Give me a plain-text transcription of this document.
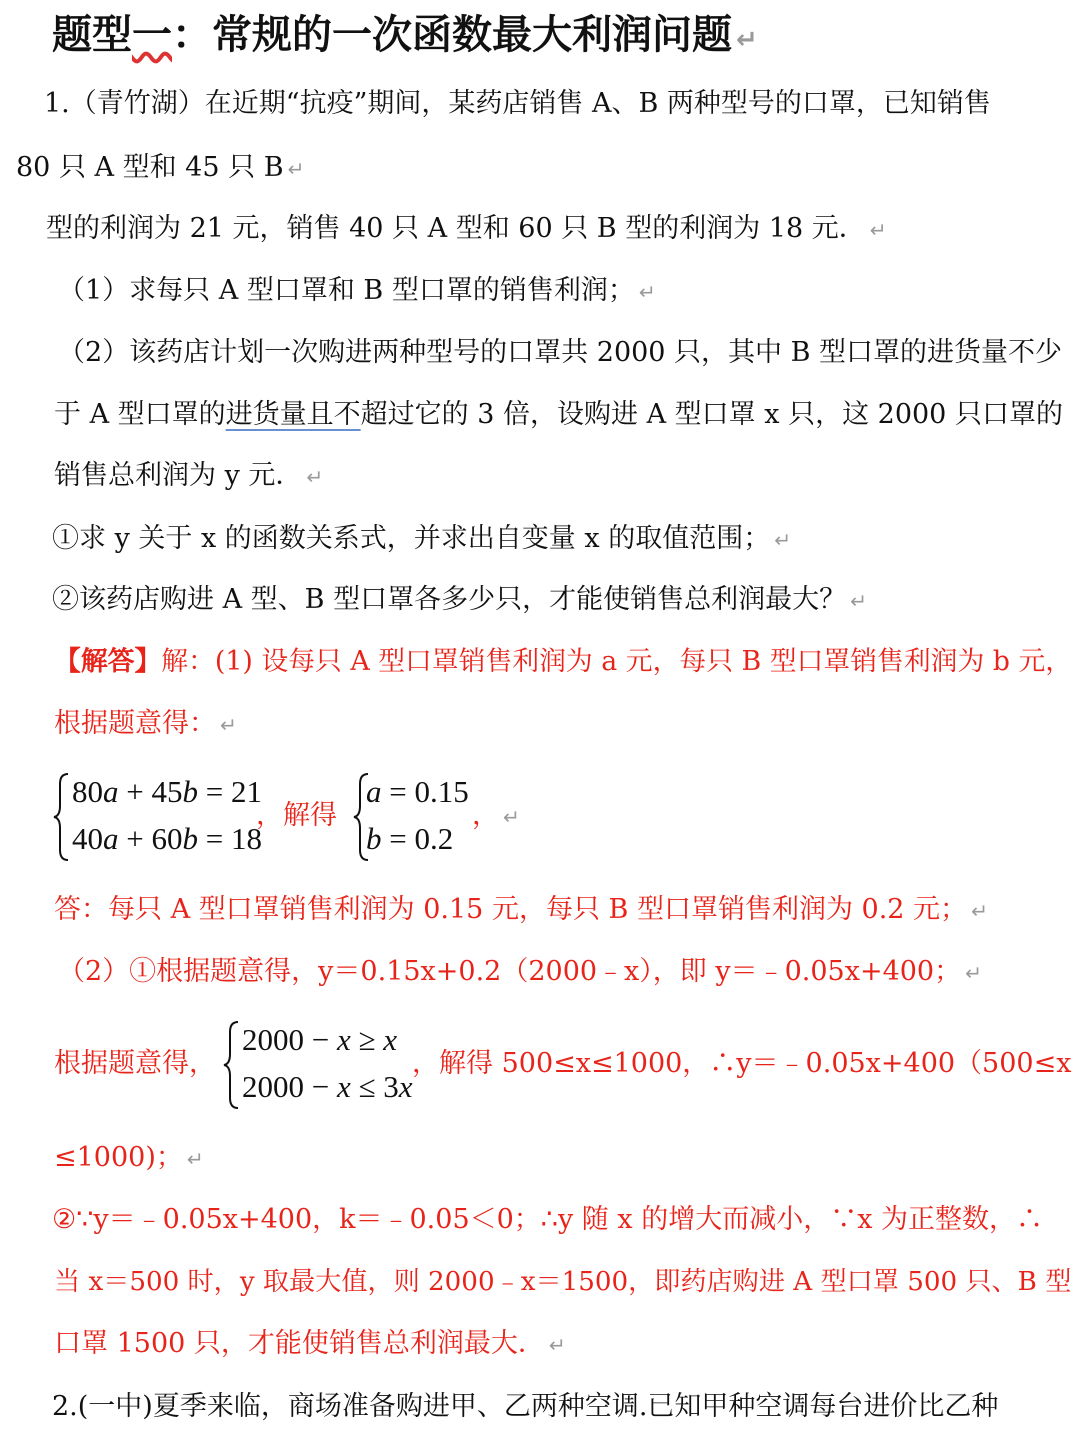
题型一：常规的一次函数最大利润问题 ↵
1.（青竹湖）在近期“抗疫”期间，某药店销售 A、B 两种型号的口罩，已知销售
80 只 A 型和 45 只 B ↵
型的利润为 21 元，销售 40 只 A 型和 60 只 B 型的利润为 18 元． ↵
（1）求每只 A 型口罩和 B 型口罩的销售利润； ↵
（2）该药店计划一次购进两种型号的口罩共 2000 只，其中 B 型口罩的进货量不少
于 A 型口罩的进货量且不超过它的 3 倍，设购进 A 型口罩 x 只，这 2000 只口罩的
销售总利润为 y 元． ↵
①求 y 关于 x 的函数关系式，并求出自变量 x 的取值范围； ↵
②该药店购进 A 型、B 型口罩各多少只，才能使销售总利润最大？ ↵
【解答】解：(1) 设每只 A 型口罩销售利润为 a 元，每只 B 型口罩销售利润为 b 元，
根据题意得： ↵
80a + 45b = 21
40a + 60b = 18
，解得
a = 0.15
b = 0.2
， ↵
答：每只 A 型口罩销售利润为 0.15 元，每只 B 型口罩销售利润为 0.2 元； ↵
（2）①根据题意得，y＝0.15x+0.2（2000﹣x），即 y＝﹣0.05x+400； ↵
根据题意得，
2000 − x ≥ x
2000 − x ≤ 3x
，解得 500≤x≤1000，∴y＝﹣0.05x+400（500≤x
≤1000)； ↵
②∵y＝﹣0.05x+400，k＝﹣0.05＜0；∴y 随 x 的增大而减小，∵x 为正整数，∴
当 x＝500 时，y 取最大值，则 2000﹣x＝1500，即药店购进 A 型口罩 500 只、B 型
口罩 1500 只，才能使销售总利润最大． ↵
2.(一中)夏季来临，商场准备购进甲、乙两种空调.已知甲种空调每台进价比乙种
